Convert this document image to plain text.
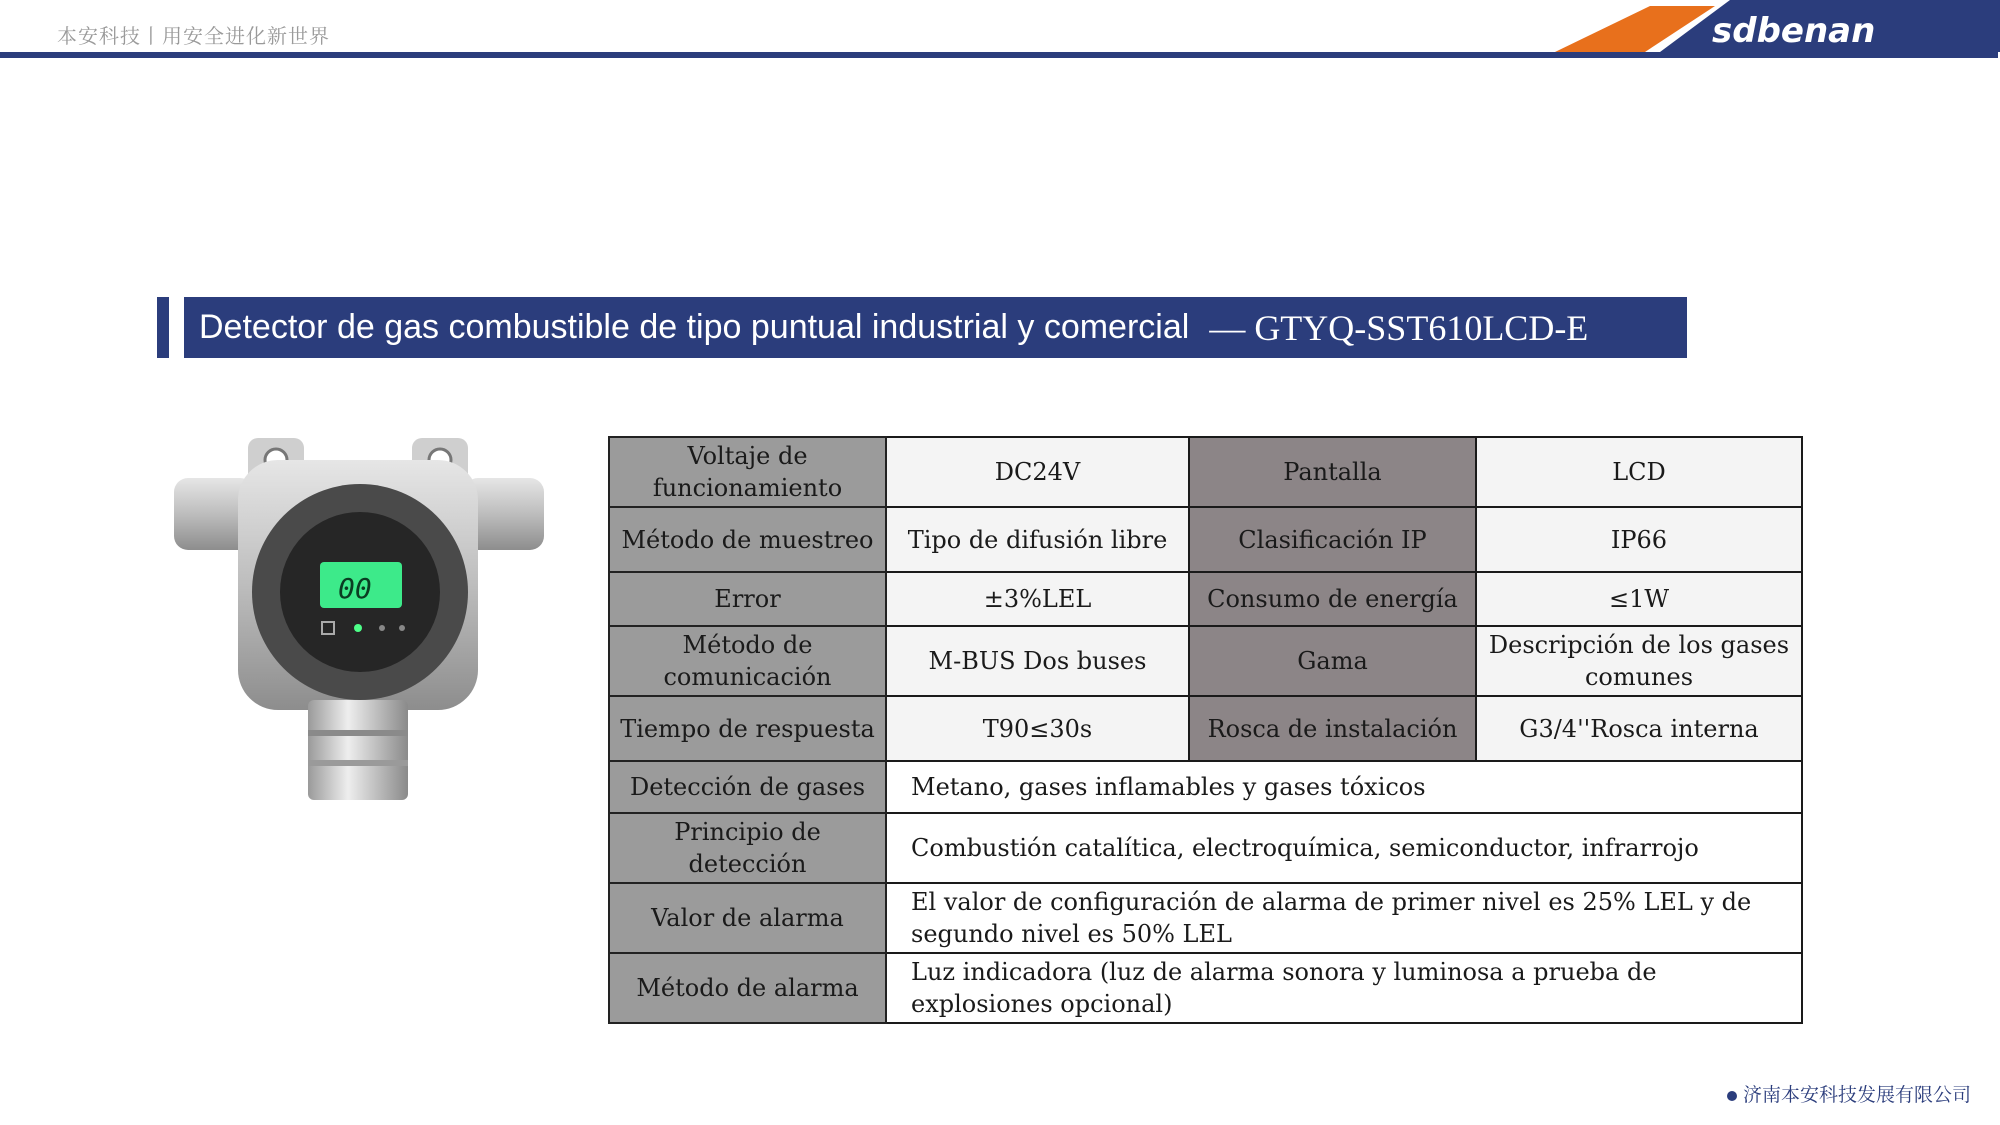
本安科技丨用安全进化新世界	sdbenan
Detector de gas combustible de tipo puntual industrial y comercial — GTYQ-SST610LCD-E
00
Voltaje de funcionamiento	DC24V	Pantalla	LCD
Método de muestreo	Tipo de difusión libre	Clasificación IP	IP66
Error	±3%LEL	Consumo de energía	≤1W
Método de comunicación	M-BUS Dos buses	Gama	Descripción de los gases comunes
Tiempo de respuesta	T90≤30s	Rosca de instalación	G3/4''Rosca interna
Detección de gases	Metano, gases inflamables y gases tóxicos		
Principio de detección	Combustión catalítica, electroquímica, semiconductor, infrarrojo		
Valor de alarma	El valor de configuración de alarma de primer nivel es 25% LEL y de segundo nivel es 50% LEL		
Método de alarma	Luz indicadora (luz de alarma sonora y luminosa a prueba de explosiones opcional)		
济南本安科技发展有限公司
